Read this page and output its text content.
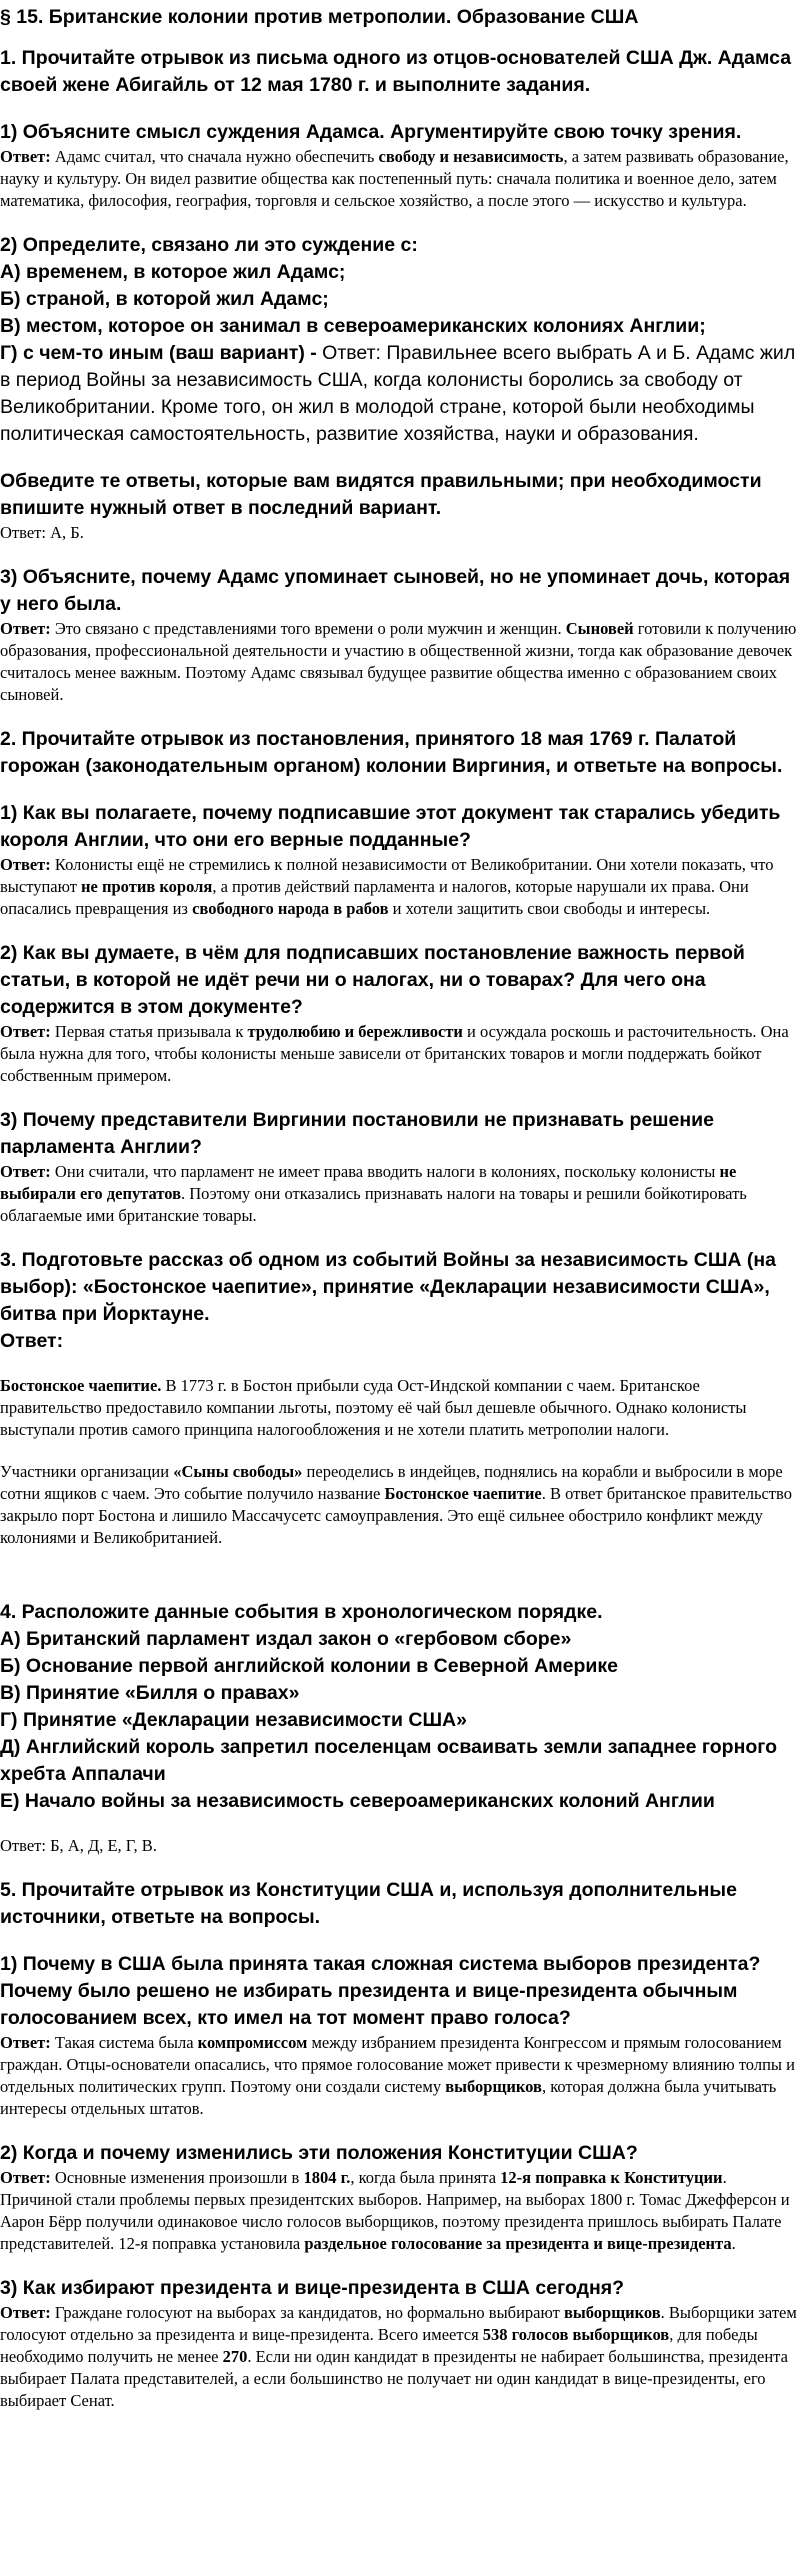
§ 15. Британские колонии против метрополии. Образование США

1. Прочитайте отрывок из письма одного из отцов-основателей США Дж. Адамса своей жене Абигайль от 12 мая 1780 г. и выполните задания.

1) Объясните смысл суждения Адамса. Аргументируйте свою точку зрения.

Ответ: Адамс считал, что сначала нужно обеспечить свободу и независимость, а затем развивать образование, науку и культуру. Он видел развитие общества как постепенный путь: сначала политика и военное дело, затем математика, философия, география, торговля и сельское хозяйство, а после этого — искусство и культура.

2) Определите, связано ли это суждение с:

А) временем, в которое жил Адамс;

Б) страной, в которой жил Адамс;

В) местом, которое он занимал в североамериканских колониях Англии;

Г) с чем-то иным (ваш вариант) - Ответ: Правильнее всего выбрать А и Б. Адамс жил в период Войны за независимость США, когда колонисты боролись за свободу от Великобритании. Кроме того, он жил в молодой стране, которой были необходимы политическая самостоятельность, развитие хозяйства, науки и образования.

Обведите те ответы, которые вам видятся правильными; при необходимости впишите нужный ответ в последний вариант.

Ответ: А, Б.

3) Объясните, почему Адамс упоминает сыновей, но не упоминает дочь, которая у него была.

Ответ: Это связано с представлениями того времени о роли мужчин и женщин. Сыновей готовили к получению образования, профессиональной деятельности и участию в общественной жизни, тогда как образование девочек считалось менее важным. Поэтому Адамс связывал будущее развитие общества именно с образованием своих сыновей.

2. Прочитайте отрывок из постановления, принятого 18 мая 1769 г. Палатой горожан (законодательным органом) колонии Виргиния, и ответьте на вопросы.

1) Как вы полагаете, почему подписавшие этот документ так старались убедить короля Англии, что они его верные подданные?

Ответ: Колонисты ещё не стремились к полной независимости от Великобритании. Они хотели показать, что выступают не против короля, а против действий парламента и налогов, которые нарушали их права. Они опасались превращения из свободного народа в рабов и хотели защитить свои свободы и интересы.

2) Как вы думаете, в чём для подписавших постановление важность первой статьи, в которой не идёт речи ни о налогах, ни о товарах? Для чего она содержится в этом документе?

Ответ: Первая статья призывала к трудолюбию и бережливости и осуждала роскошь и расточительность. Она была нужна для того, чтобы колонисты меньше зависели от британских товаров и могли поддержать бойкот собственным примером.

3) Почему представители Виргинии постановили не признавать решение парламента Англии?

Ответ: Они считали, что парламент не имеет права вводить налоги в колониях, поскольку колонисты не выбирали его депутатов. Поэтому они отказались признавать налоги на товары и решили бойкотировать облагаемые ими британские товары.

3. Подготовьте рассказ об одном из событий Войны за независимость США (на выбор): «Бостонское чаепитие», принятие «Декларации независимости США», битва при Йорктауне.

Ответ:

Бостонское чаепитие. В 1773 г. в Бостон прибыли суда Ост-Индской компании с чаем. Британское правительство предоставило компании льготы, поэтому её чай был дешевле обычного. Однако колонисты выступали против самого принципа налогообложения и не хотели платить метрополии налоги.

Участники организации «Сыны свободы» переоделись в индейцев, поднялись на корабли и выбросили в море сотни ящиков с чаем. Это событие получило название Бостонское чаепитие. В ответ британское правительство закрыло порт Бостона и лишило Массачусетс самоуправления. Это ещё сильнее обострило конфликт между колониями и Великобританией.

4. Расположите данные события в хронологическом порядке.

А) Британский парламент издал закон о «гербовом сборе»

Б) Основание первой английской колонии в Северной Америке

В) Принятие «Билля о правах»

Г) Принятие «Декларации независимости США»

Д) Английский король запретил поселенцам осваивать земли западнее горного хребта Аппалачи

Е) Начало войны за независимость североамериканских колоний Англии

Ответ: Б, А, Д, Е, Г, В.

5. Прочитайте отрывок из Конституции США и, используя дополнительные источники, ответьте на вопросы.

1) Почему в США была принята такая сложная система выборов президента? Почему было решено не избирать президента и вице-президента обычным голосованием всех, кто имел на тот момент право голоса?

Ответ: Такая система была компромиссом между избранием президента Конгрессом и прямым голосованием граждан. Отцы-основатели опасались, что прямое голосование может привести к чрезмерному влиянию толпы и отдельных политических групп. Поэтому они создали систему выборщиков, которая должна была учитывать интересы отдельных штатов.

2) Когда и почему изменились эти положения Конституции США?

Ответ: Основные изменения произошли в 1804 г., когда была принята 12-я поправка к Конституции. Причиной стали проблемы первых президентских выборов. Например, на выборах 1800 г. Томас Джефферсон и Аарон Бёрр получили одинаковое число голосов выборщиков, поэтому президента пришлось выбирать Палате представителей. 12-я поправка установила раздельное голосование за президента и вице-президента.

3) Как избирают президента и вице-президента в США сегодня?

Ответ: Граждане голосуют на выборах за кандидатов, но формально выбирают выборщиков. Выборщики затем голосуют отдельно за президента и вице-президента. Всего имеется 538 голосов выборщиков, для победы необходимо получить не менее 270. Если ни один кандидат в президенты не набирает большинства, президента выбирает Палата представителей, а если большинство не получает ни один кандидат в вице-президенты, его выбирает Сенат.
